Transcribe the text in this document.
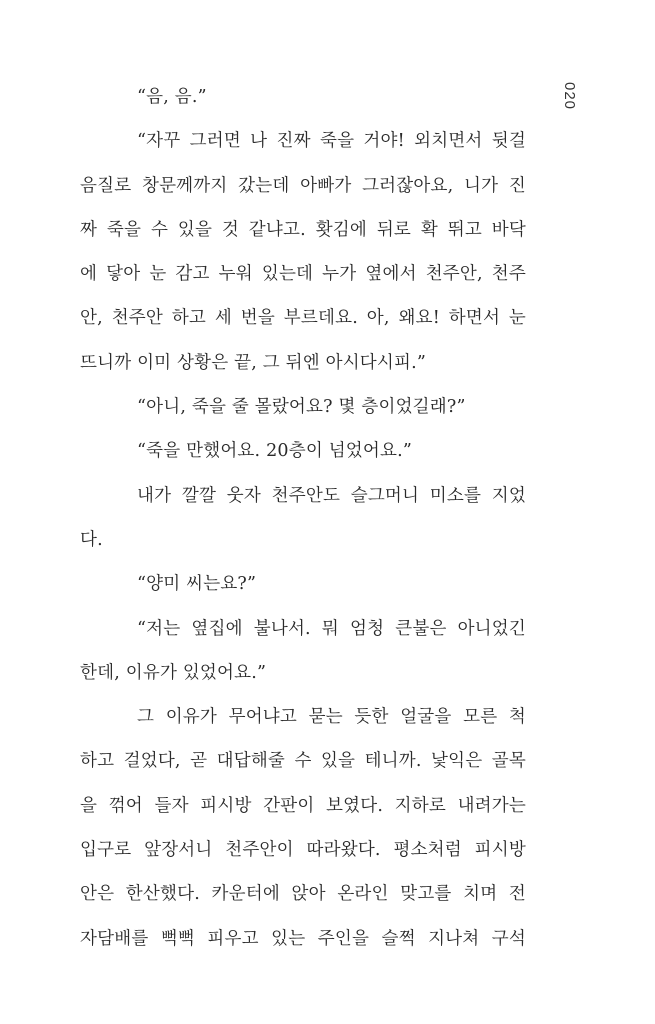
020
“음, 음.”
“자꾸 그러면 나 진짜 죽을 거야! 외치면서 뒷걸
음질로 창문께까지 갔는데 아빠가 그러잖아요, 니가 진
짜 죽을 수 있을 것 같냐고. 홧김에 뒤로 확 뛰고 바닥
에 닿아 눈 감고 누워 있는데 누가 옆에서 천주안, 천주
안, 천주안 하고 세 번을 부르데요. 아, 왜요! 하면서 눈
뜨니까 이미 상황은 끝, 그 뒤엔 아시다시피.”
“아니, 죽을 줄 몰랐어요? 몇 층이었길래?”
“죽을 만했어요. 20층이 넘었어요.”
내가 깔깔 웃자 천주안도 슬그머니 미소를 지었
다.
“양미 씨는요?”
“저는 옆집에 불나서. 뭐 엄청 큰불은 아니었긴
한데, 이유가 있었어요.”
그 이유가 무어냐고 묻는 듯한 얼굴을 모른 척
하고 걸었다, 곧 대답해줄 수 있을 테니까. 낯익은 골목
을 꺾어 들자 피시방 간판이 보였다. 지하로 내려가는
입구로 앞장서니 천주안이 따라왔다. 평소처럼 피시방
안은 한산했다. 카운터에 앉아 온라인 맞고를 치며 전
자담배를 뻑뻑 피우고 있는 주인을 슬쩍 지나쳐 구석
